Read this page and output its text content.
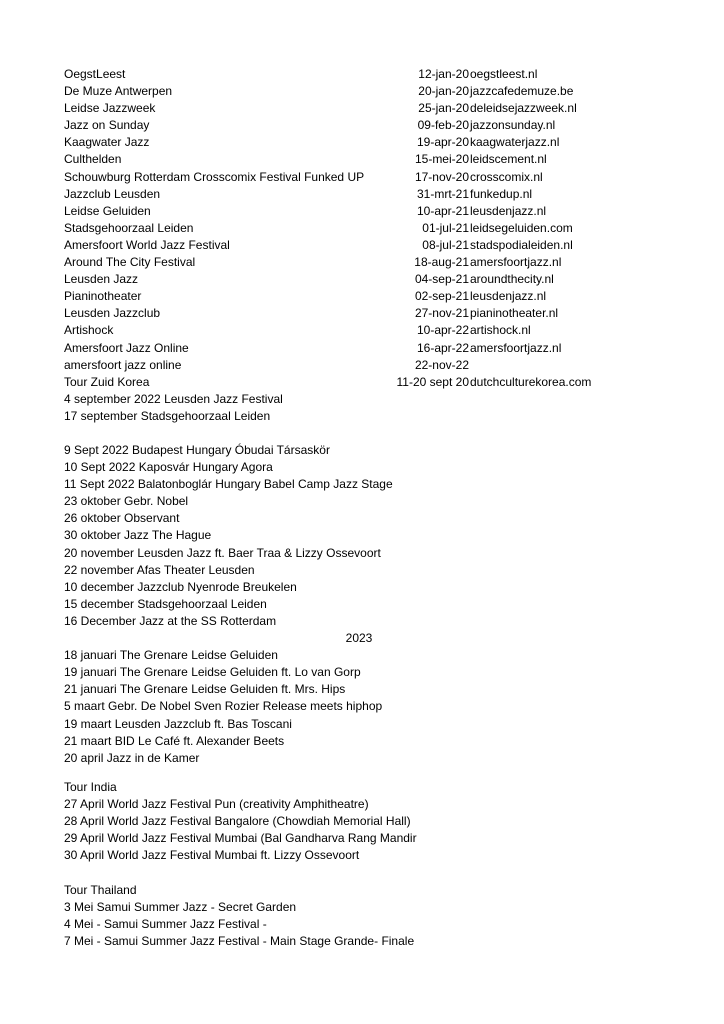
OegstLeest	12-jan-20 oegstleest.nl
De Muze Antwerpen	20-jan-20 jazzcafedemuze.be
Leidse Jazzweek	25-jan-20 deleidsejazzweek.nl
Jazz on Sunday	09-feb-20 jazzonsunday.nl
Kaagwater Jazz	19-apr-20 kaagwaterjazz.nl
Culthelden	15-mei-20 leidscement.nl
Schouwburg Rotterdam Crosscomix Festival Funked UP	17-nov-20 crosscomix.nl
Jazzclub Leusden	31-mrt-21 funkedup.nl
Leidse Geluiden	10-apr-21 leusdenjazz.nl
Stadsgehoorzaal Leiden	01-jul-21 leidsegeluiden.com
Amersfoort World Jazz Festival	08-jul-21 stadspodialeiden.nl
Around The City Festival	18-aug-21 amersfoortjazz.nl
Leusden Jazz	04-sep-21 aroundthecity.nl
Pianinotheater	02-sep-21 leusdenjazz.nl
Leusden Jazzclub	27-nov-21 pianinotheater.nl
Artishock	10-apr-22 artishock.nl
Amersfoort Jazz Online	16-apr-22 amersfoortjazz.nl
amersfoort jazz online	22-nov-22
Tour Zuid Korea	11-20 sept 20 dutchculturekorea.com
4 september 2022 Leusden Jazz Festival
17 september Stadsgehoorzaal Leiden
9 Sept 2022 Budapest Hungary Óbudai Társaskör
10 Sept 2022 Kaposvár Hungary Agora
11 Sept 2022 Balatonboglár Hungary Babel Camp Jazz Stage
23 oktober Gebr. Nobel
26 oktober Observant
30 oktober Jazz The Hague
20 november Leusden Jazz ft. Baer Traa & Lizzy Ossevoort
22 november Afas Theater Leusden
10 december Jazzclub Nyenrode Breukelen
15 december Stadsgehoorzaal Leiden
16 December Jazz at the SS Rotterdam
2023
18 januari The Grenare Leidse Geluiden
19 januari The Grenare Leidse Geluiden ft. Lo van Gorp
21 januari The Grenare Leidse Geluiden ft. Mrs. Hips
5 maart Gebr. De Nobel Sven Rozier Release meets hiphop
19 maart Leusden Jazzclub ft. Bas Toscani
21 maart BID Le Café ft. Alexander Beets
20 april Jazz in de Kamer
Tour India
27 April World Jazz Festival Pun (creativity Amphitheatre)
28 April World Jazz Festival Bangalore (Chowdiah Memorial Hall)
29 April World Jazz Festival Mumbai (Bal Gandharva Rang Mandir
30 April World Jazz Festival Mumbai ft. Lizzy Ossevoort
Tour Thailand
3 Mei Samui Summer Jazz - Secret Garden
4 Mei - Samui Summer Jazz Festival -
7 Mei - Samui Summer Jazz Festival - Main Stage Grande- Finale
